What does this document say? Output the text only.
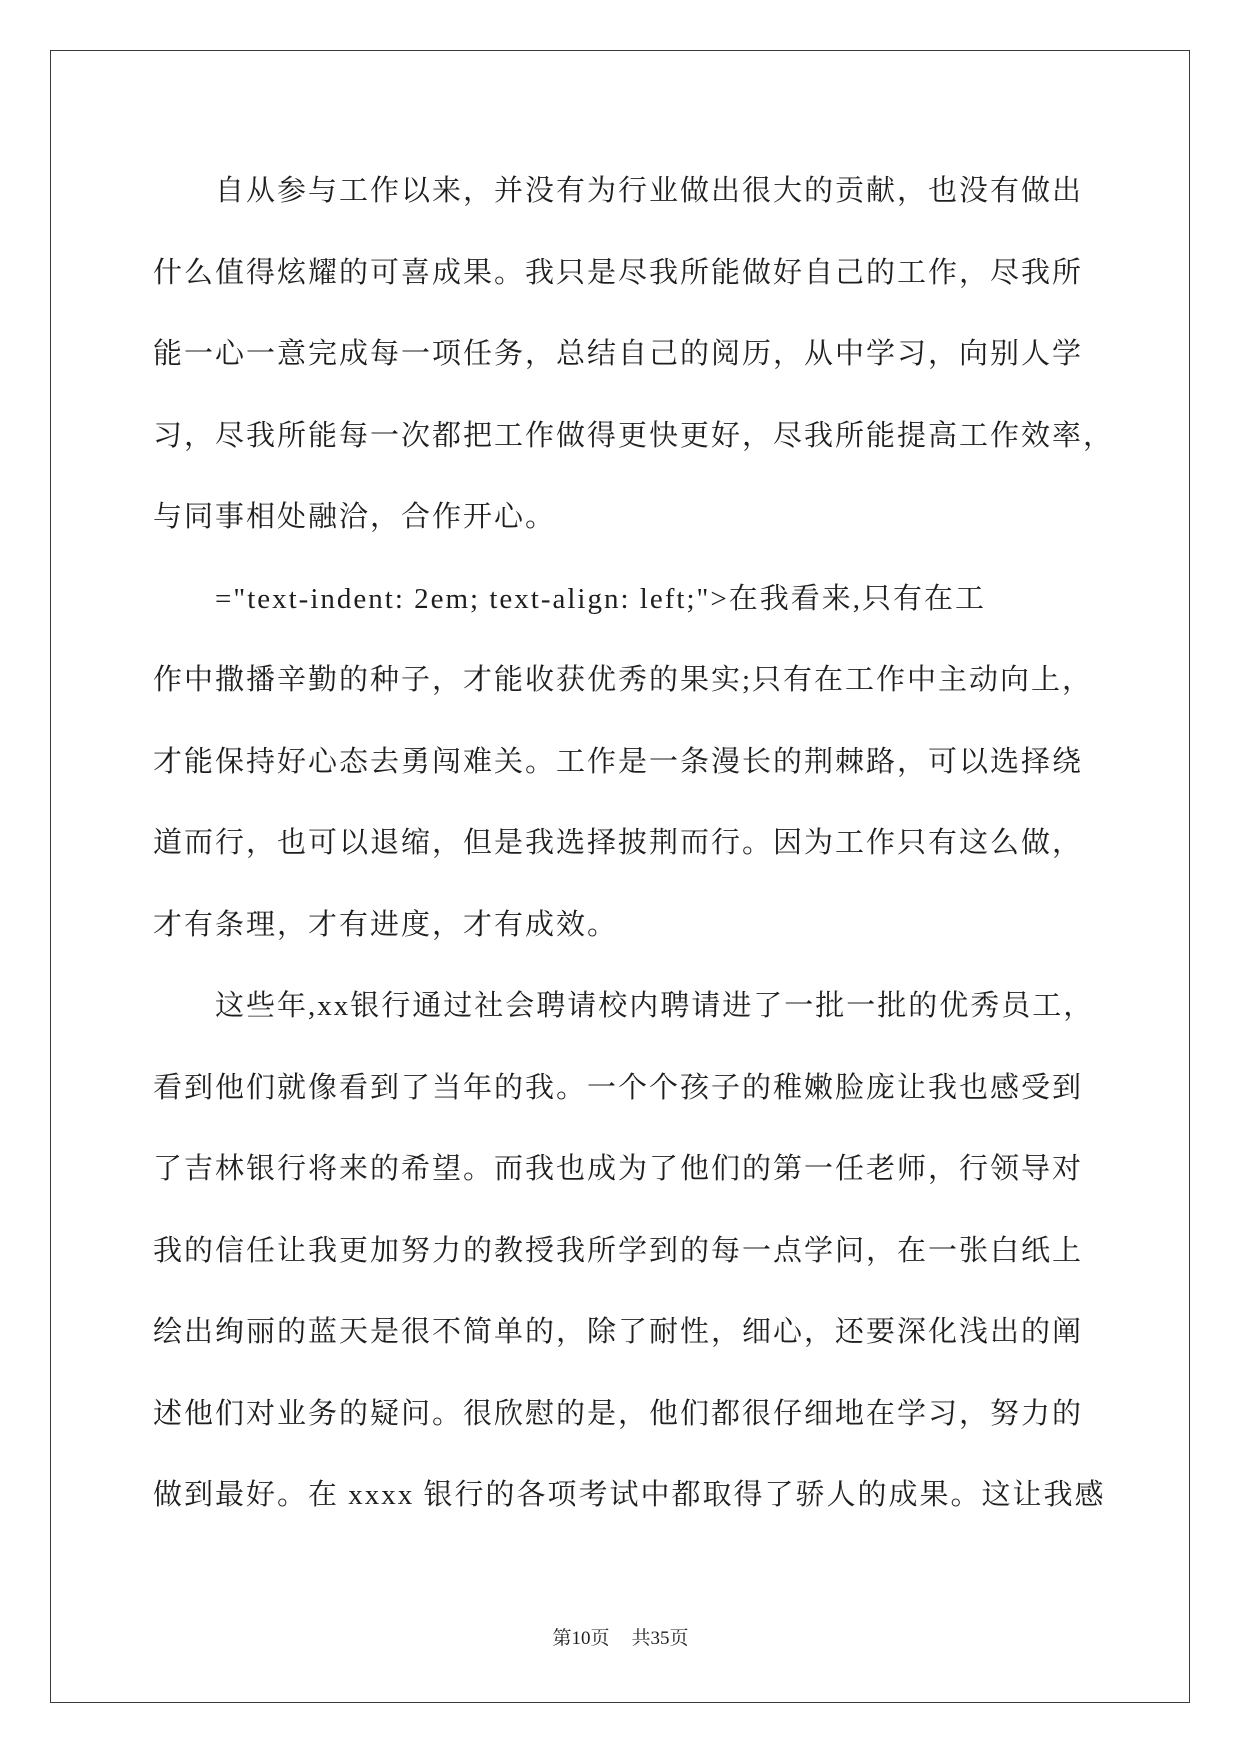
自从参与工作以来，并没有为行业做出很大的贡献，也没有做出
什么值得炫耀的可喜成果。我只是尽我所能做好自己的工作，尽我所
能一心一意完成每一项任务，总结自己的阅历，从中学习，向别人学
习，尽我所能每一次都把工作做得更快更好，尽我所能提高工作效率，
与同事相处融洽，合作开心。
="text-indent: 2em; text-align: left;">在我看来,只有在工
作中撒播辛勤的种子，才能收获优秀的果实;只有在工作中主动向上，
才能保持好心态去勇闯难关。工作是一条漫长的荆棘路，可以选择绕
道而行，也可以退缩，但是我选择披荆而行。因为工作只有这么做，
才有条理，才有进度，才有成效。
这些年,xx银行通过社会聘请校内聘请进了一批一批的优秀员工，
看到他们就像看到了当年的我。一个个孩子的稚嫩脸庞让我也感受到
了吉林银行将来的希望。而我也成为了他们的第一任老师，行领导对
我的信任让我更加努力的教授我所学到的每一点学问，在一张白纸上
绘出绚丽的蓝天是很不简单的，除了耐性，细心，还要深化浅出的阐
述他们对业务的疑问。很欣慰的是，他们都很仔细地在学习，努力的
做到最好。在 xxxx 银行的各项考试中都取得了骄人的成果。这让我感
第10页 共35页
